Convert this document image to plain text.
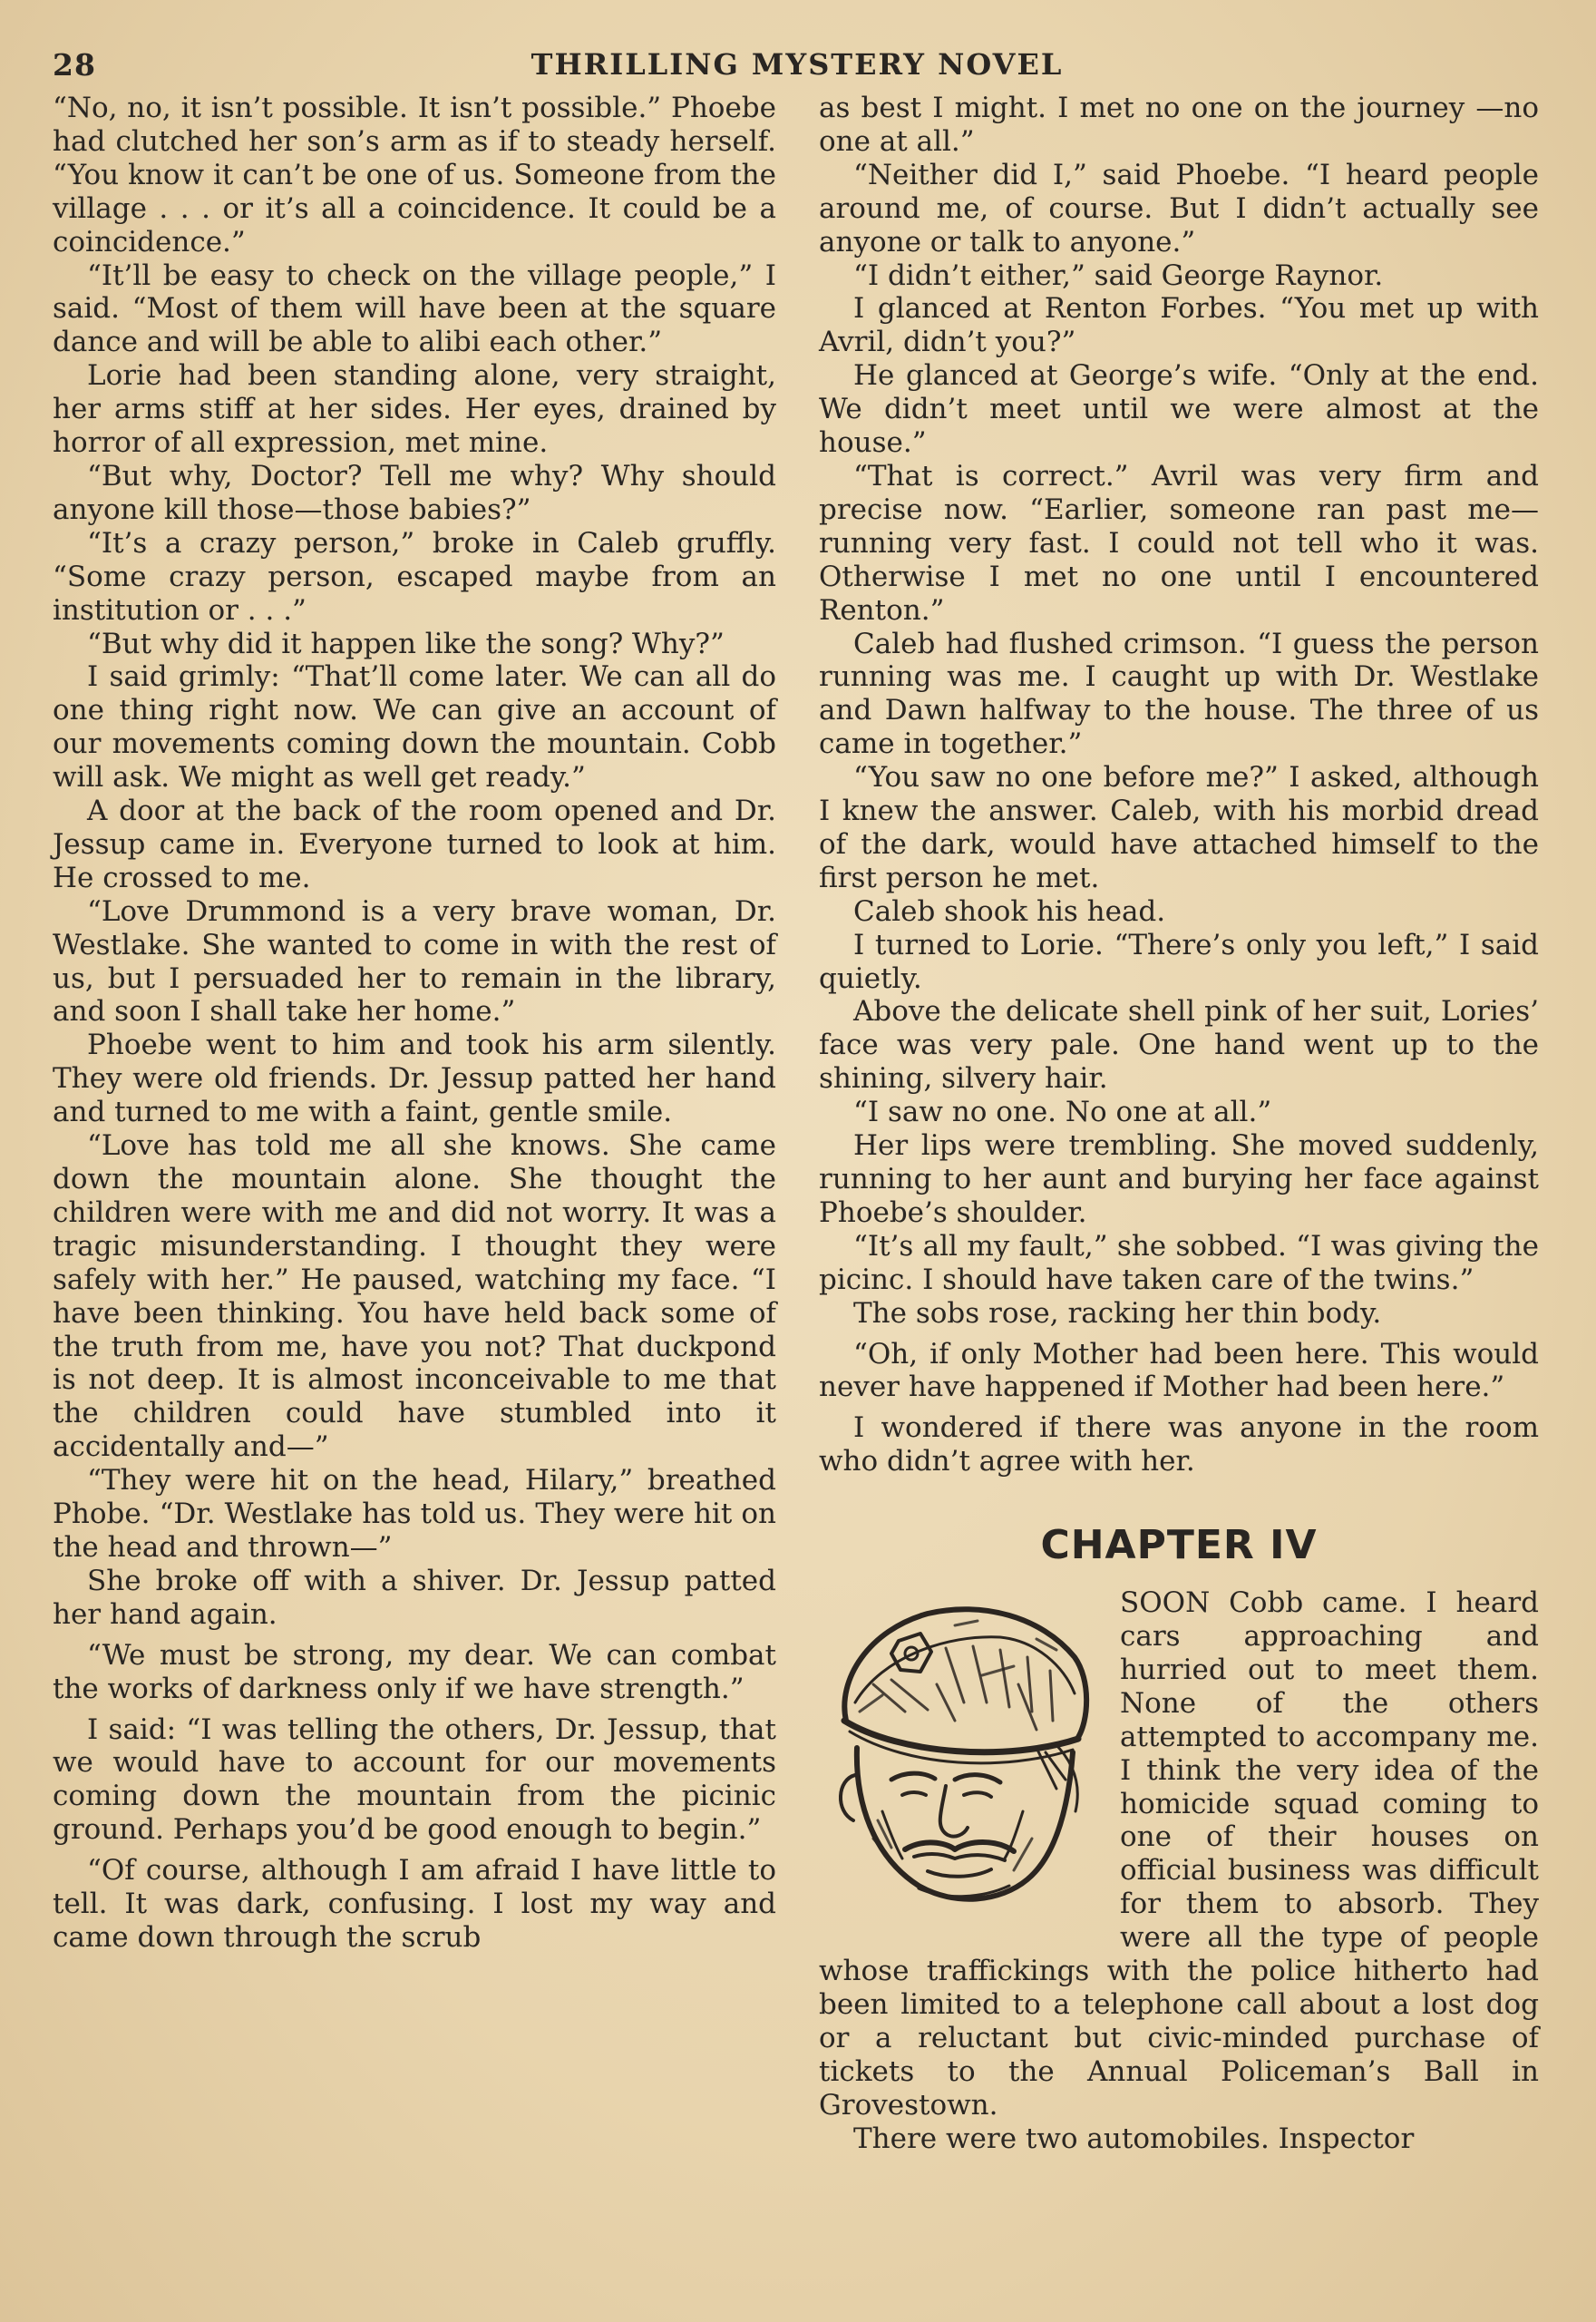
28	THRILLING MYSTERY NOVEL

“No, no, it isn’t possible. It isn’t possible.” Phoebe had clutched her son’s arm as if to steady herself. “You know it can’t be one of us. Someone from the village . . . or it’s all a coincidence. It could be a coincidence.”

“It’ll be easy to check on the village people,” I said. “Most of them will have been at the square dance and will be able to alibi each other.”

Lorie had been standing alone, very straight, her arms stiff at her sides. Her eyes, drained by horror of all expression, met mine.

“But why, Doctor? Tell me why? Why should anyone kill those—those babies?”

“It’s a crazy person,” broke in Caleb gruffly. “Some crazy person, escaped maybe from an institution or . . .”

“But why did it happen like the song? Why?”

I said grimly: “That’ll come later. We can all do one thing right now. We can give an account of our movements coming down the mountain. Cobb will ask. We might as well get ready.”

A door at the back of the room opened and Dr. Jessup came in. Everyone turned to look at him. He crossed to me.

“Love Drummond is a very brave woman, Dr. Westlake. She wanted to come in with the rest of us, but I persuaded her to remain in the library, and soon I shall take her home.”

Phoebe went to him and took his arm silently. They were old friends. Dr. Jessup patted her hand and turned to me with a faint, gentle smile.

“Love has told me all she knows. She came down the mountain alone. She thought the children were with me and did not worry. It was a tragic misunderstanding. I thought they were safely with her.” He paused, watching my face. “I have been thinking. You have held back some of the truth from me, have you not? That duckpond is not deep. It is almost inconceivable to me that the children could have stumbled into it accidentally and—”

“They were hit on the head, Hilary,” breathed Phobe. “Dr. Westlake has told us. They were hit on the head and thrown—”

She broke off with a shiver. Dr. Jessup patted her hand again.

“We must be strong, my dear. We can combat the works of darkness only if we have strength.”

I said: “I was telling the others, Dr. Jessup, that we would have to account for our movements coming down the mountain from the picinic ground. Perhaps you’d be good enough to begin.”

“Of course, although I am afraid I have little to tell. It was dark, confusing. I lost my way and came down through the scrub

as best I might. I met no one on the journey —no one at all.”

“Neither did I,” said Phoebe. “I heard people around me, of course. But I didn’t actually see anyone or talk to anyone.”

“I didn’t either,” said George Raynor.

I glanced at Renton Forbes. “You met up with Avril, didn’t you?”

He glanced at George’s wife. “Only at the end. We didn’t meet until we were almost at the house.”

“That is correct.” Avril was very firm and precise now. “Earlier, someone ran past me—running very fast. I could not tell who it was. Otherwise I met no one until I encountered Renton.”

Caleb had flushed crimson. “I guess the person running was me. I caught up with Dr. Westlake and Dawn halfway to the house. The three of us came in together.”

“You saw no one before me?” I asked, although I knew the answer. Caleb, with his morbid dread of the dark, would have attached himself to the first person he met.

Caleb shook his head.

I turned to Lorie. “There’s only you left,” I said quietly.

Above the delicate shell pink of her suit, Lories’ face was very pale. One hand went up to the shining, silvery hair.

“I saw no one. No one at all.”

Her lips were trembling. She moved suddenly, running to her aunt and burying her face against Phoebe’s shoulder.

“It’s all my fault,” she sobbed. “I was giving the picinc. I should have taken care of the twins.”

The sobs rose, racking her thin body.

“Oh, if only Mother had been here. This would never have happened if Mother had been here.”

I wondered if there was anyone in the room who didn’t agree with her.

CHAPTER IV

SOON Cobb came. I heard cars approaching and hurried out to meet them. None of the others attempted to accompany me. I think the very idea of the homicide squad coming to one of their houses on official business was difficult for them to absorb. They were all the type of people whose traffickings with the police hitherto had been limited to a telephone call about a lost dog or a reluctant but civic-minded purchase of tickets to the Annual Policeman’s Ball in Grovestown.

There were two automobiles. Inspector
